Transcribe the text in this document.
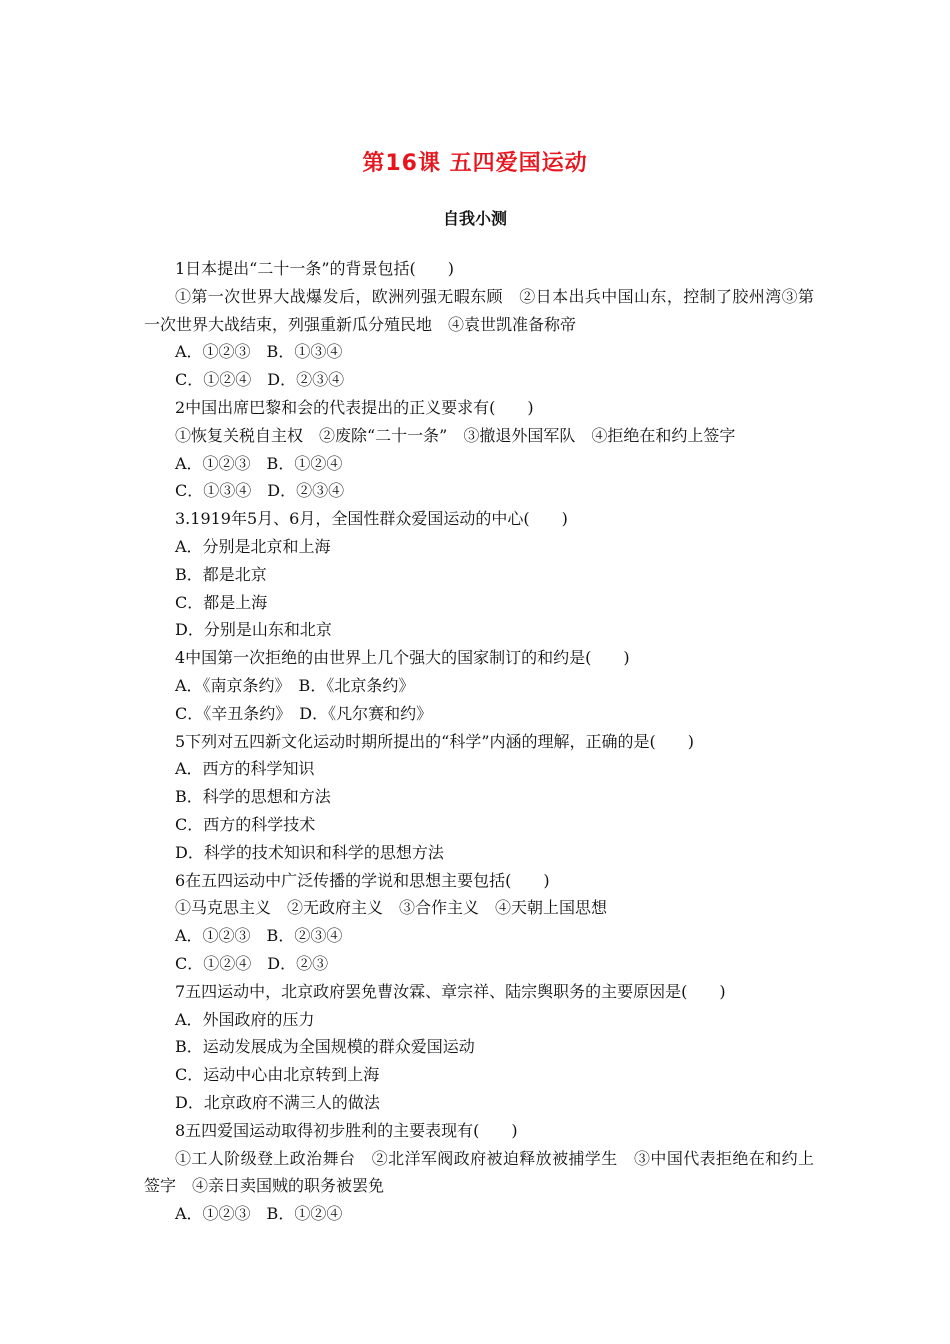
第16课 五四爱国运动
自我小测
1日本提出“二十一条”的背景包括(　　)
①第一次世界大战爆发后，欧洲列强无暇东顾　②日本出兵中国山东，控制了胶州湾③第一次世界大战结束，列强重新瓜分殖民地　④袁世凯准备称帝
A．①②③　B．①③④
C．①②④　D．②③④
2中国出席巴黎和会的代表提出的正义要求有(　　)
①恢复关税自主权　②废除“二十一条”　③撤退外国军队　④拒绝在和约上签字
A．①②③　B．①②④
C．①③④　D．②③④
3.1919年5月、6月，全国性群众爱国运动的中心(　　)
A．分别是北京和上海
B．都是北京
C．都是上海
D．分别是山东和北京
4中国第一次拒绝的由世界上几个强大的国家制订的和约是(　　)
A．《南京条约》　B．《北京条约》
C．《辛丑条约》　D．《凡尔赛和约》
5下列对五四新文化运动时期所提出的“科学”内涵的理解，正确的是(　　)
A．西方的科学知识
B．科学的思想和方法
C．西方的科学技术
D．科学的技术知识和科学的思想方法
6在五四运动中广泛传播的学说和思想主要包括(　　)
①马克思主义　②无政府主义　③合作主义　④天朝上国思想
A．①②③　B．②③④
C．①②④　D．②③
7五四运动中，北京政府罢免曹汝霖、章宗祥、陆宗舆职务的主要原因是(　　)
A．外国政府的压力
B．运动发展成为全国规模的群众爱国运动
C．运动中心由北京转到上海
D．北京政府不满三人的做法
8五四爱国运动取得初步胜利的主要表现有(　　)
①工人阶级登上政治舞台　②北洋军阀政府被迫释放被捕学生　③中国代表拒绝在和约上签字　④亲日卖国贼的职务被罢免
A．①②③　B．①②④
